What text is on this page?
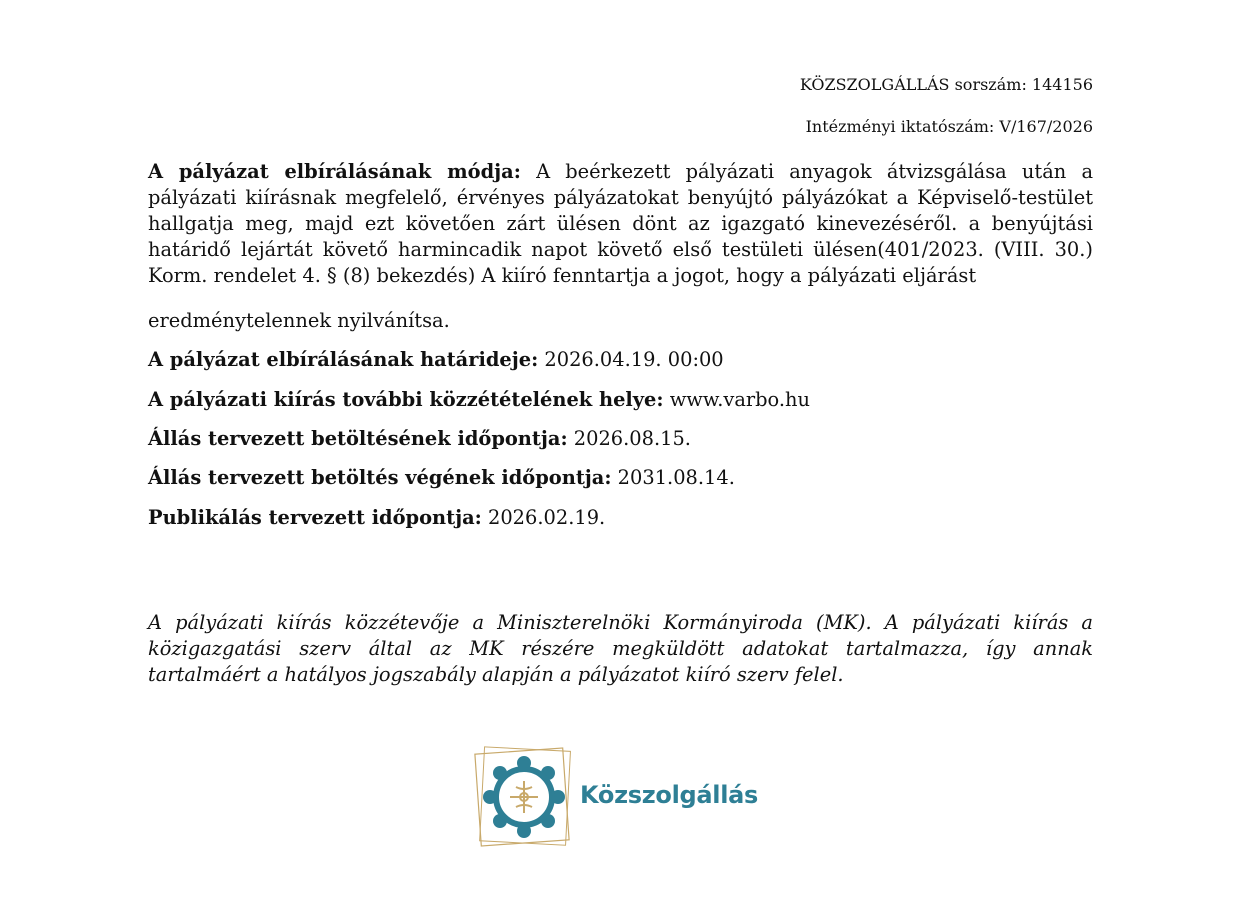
KÖZSZOLGÁLLÁS sorszám: 144156
Intézményi iktatószám: V/167/2026

A pályázat elbírálásának módja: A beérkezett pályázati anyagok átvizsgálása után a pályázati kiírásnak megfelelő, érvényes pályázatokat benyújtó pályázókat a Képviselő-testület hallgatja meg, majd ezt követően zárt ülésen dönt az igazgató kinevezéséről. a benyújtási határidő lejártát követő harmincadik napot követő első testületi ülésen(401/2023. (VIII. 30.) Korm. rendelet 4. § (8) bekezdés) A kiíró fenntartja a jogot, hogy a pályázati eljárást

eredménytelennek nyilvánítsa.

A pályázat elbírálásának határideje: 2026.04.19. 00:00
A pályázati kiírás további közzétételének helye: www.varbo.hu
Állás tervezett betöltésének időpontja: 2026.08.15.
Állás tervezett betöltés végének időpontja: 2031.08.14.
Publikálás tervezett időpontja: 2026.02.19.

A pályázati kiírás közzétevője a Miniszterelnöki Kormányiroda (MK). A pályázati kiírás a közigazgatási szerv által az MK részére megküldött adatokat tartalmazza, így annak tartalmáért a hatályos jogszabály alapján a pályázatot kiíró szerv felel.

Közszolgállás
